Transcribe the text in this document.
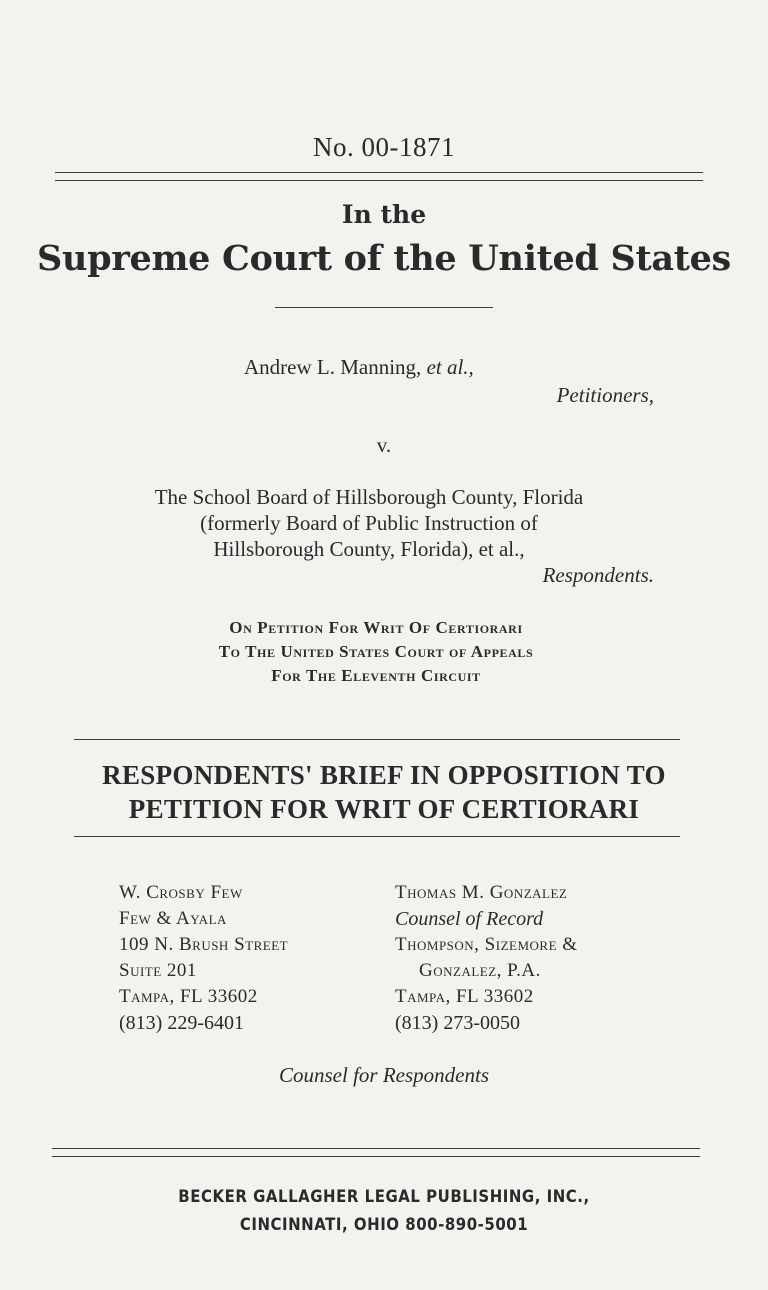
No. 00-1871
In the
Supreme Court of the United States
Andrew L. Manning, et al.,
Petitioners,
v.
The School Board of Hillsborough County, Florida
(formerly Board of Public Instruction of
Hillsborough County, Florida), et al.,
Respondents.
On Petition For Writ Of Certiorari
To The United States Court of Appeals
For The Eleventh Circuit
RESPONDENTS' BRIEF IN OPPOSITION TO
PETITION FOR WRIT OF CERTIORARI
W. Crosby Few
Few & Ayala
109 N. Brush Street
Suite 201
Tampa, FL 33602
(813) 229-6401
Thomas M. Gonzalez
Counsel of Record
Thompson, Sizemore &
Gonzalez, P.A.
Tampa, FL 33602
(813) 273-0050
Counsel for Respondents
BECKER GALLAGHER LEGAL PUBLISHING, INC.,
CINCINNATI, OHIO 800-890-5001
